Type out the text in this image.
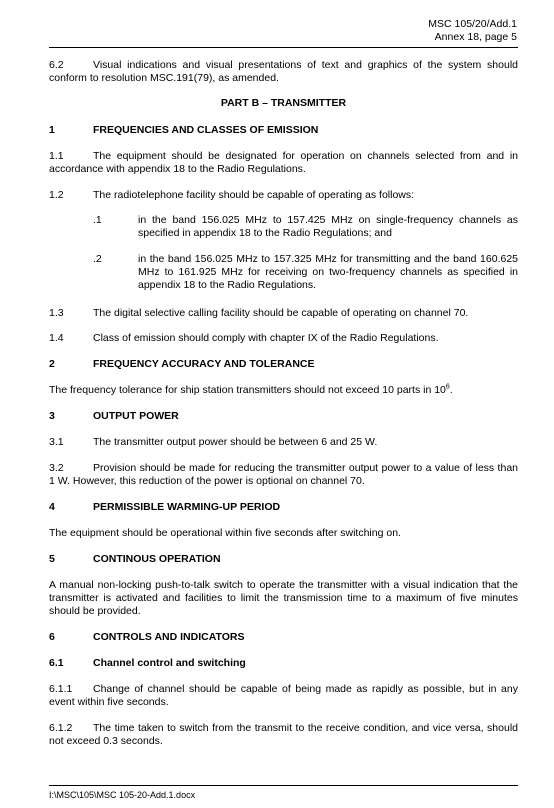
MSC 105/20/Add.1
Annex 18, page 5
6.2	Visual indications and visual presentations of text and graphics of the system should conform to resolution MSC.191(79), as amended.
PART B – TRANSMITTER
1	FREQUENCIES AND CLASSES OF EMISSION
1.1	The equipment should be designated for operation on channels selected from and in accordance with appendix 18 to the Radio Regulations.
1.2	The radiotelephone facility should be capable of operating as follows:
.1	in the band 156.025 MHz to 157.425 MHz on single-frequency channels as specified in appendix 18 to the Radio Regulations; and
.2	in the band 156.025 MHz to 157.325 MHz for transmitting and the band 160.625 MHz to 161.925 MHz for receiving on two-frequency channels as specified in appendix 18 to the Radio Regulations.
1.3	The digital selective calling facility should be capable of operating on channel 70.
1.4	Class of emission should comply with chapter IX of the Radio Regulations.
2	FREQUENCY ACCURACY AND TOLERANCE
The frequency tolerance for ship station transmitters should not exceed 10 parts in $10^6$.
3	OUTPUT POWER
3.1	The transmitter output power should be between 6 and 25 W.
3.2	Provision should be made for reducing the transmitter output power to a value of less than 1 W. However, this reduction of the power is optional on channel 70.
4	PERMISSIBLE WARMING-UP PERIOD
The equipment should be operational within five seconds after switching on.
5	CONTINOUS OPERATION
A manual non-locking push-to-talk switch to operate the transmitter with a visual indication that the transmitter is activated and facilities to limit the transmission time to a maximum of five minutes should be provided.
6	CONTROLS AND INDICATORS
6.1	Channel control and switching
6.1.1 Change of channel should be capable of being made as rapidly as possible, but in any event within five seconds.
6.1.2 The time taken to switch from the transmit to the receive condition, and vice versa, should not exceed 0.3 seconds.
I:\MSC\105\MSC 105-20-Add.1.docx
